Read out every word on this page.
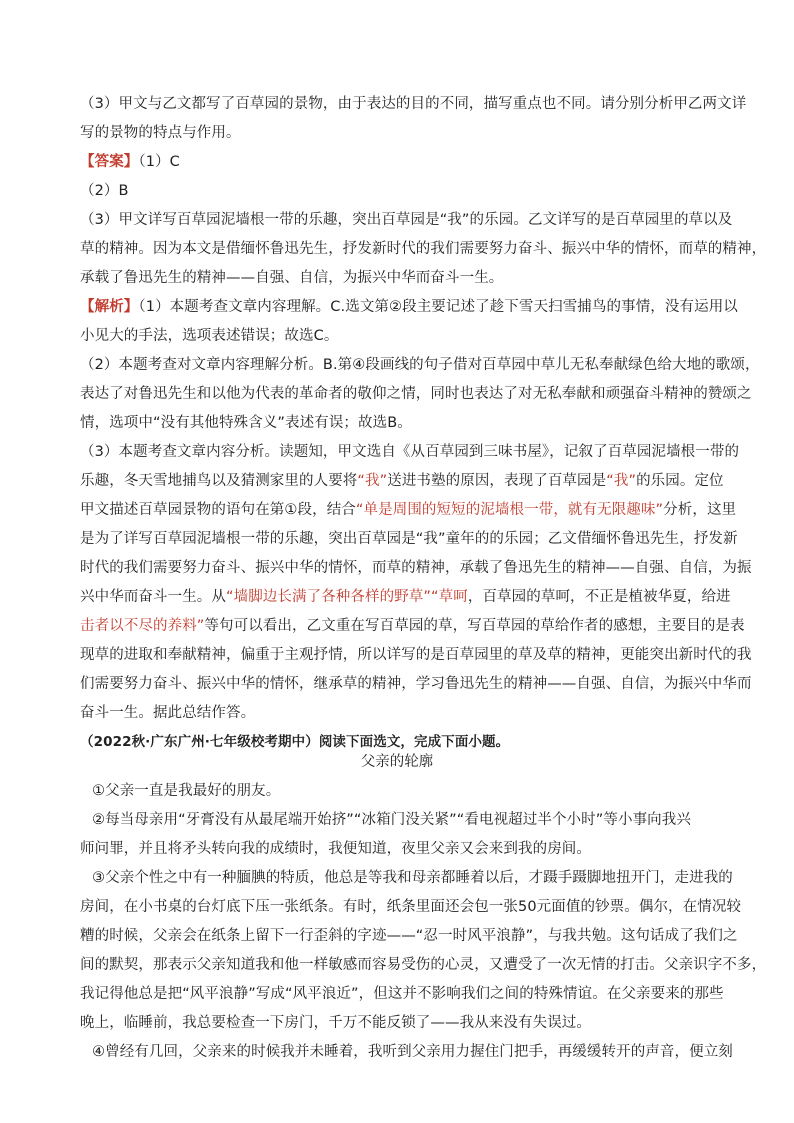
（3）甲文与乙文都写了百草园的景物，由于表达的目的不同，描写重点也不同。请分别分析甲乙两文详
写的景物的特点与作用。
【答案】（1）C
（2）B
（3）甲文详写百草园泥墙根一带的乐趣，突出百草园是“我”的乐园。乙文详写的是百草园里的草以及
草的精神。因为本文是借缅怀鲁迅先生，抒发新时代的我们需要努力奋斗、振兴中华的情怀，而草的精神，
承载了鲁迅先生的精神——自强、自信，为振兴中华而奋斗一生。
【解析】（1）本题考查文章内容理解。C.选文第②段主要记述了趁下雪天扫雪捕鸟的事情，没有运用以
小见大的手法，选项表述错误；故选C。
（2）本题考查对文章内容理解分析。B.第④段画线的句子借对百草园中草儿无私奉献绿色给大地的歌颂，
表达了对鲁迅先生和以他为代表的革命者的敬仰之情，同时也表达了对无私奉献和顽强奋斗精神的赞颂之
情，选项中“没有其他特殊含义”表述有误；故选B。
（3）本题考查文章内容分析。读题知，甲文选自《从百草园到三味书屋》，记叙了百草园泥墙根一带的
乐趣，冬天雪地捕鸟以及猜测家里的人要将“我”送进书塾的原因，表现了百草园是“我”的乐园。定位
甲文描述百草园景物的语句在第①段，结合“单是周围的短短的泥墙根一带，就有无限趣味”分析，这里
是为了详写百草园泥墙根一带的乐趣，突出百草园是“我”童年的的乐园；乙文借缅怀鲁迅先生，抒发新
时代的我们需要努力奋斗、振兴中华的情怀，而草的精神，承载了鲁迅先生的精神——自强、自信，为振
兴中华而奋斗一生。从“墙脚边长满了各种各样的野草”“草呵，百草园的草呵，不正是植被华夏，给进
击者以不尽的养料”等句可以看出，乙文重在写百草园的草，写百草园的草给作者的感想，主要目的是表
现草的进取和奉献精神，偏重于主观抒情，所以详写的是百草园里的草及草的精神，更能突出新时代的我
们需要努力奋斗、振兴中华的情怀，继承草的精神，学习鲁迅先生的精神——自强、自信，为振兴中华而
奋斗一生。据此总结作答。
（2022秋·广东广州·七年级校考期中）阅读下面选文，完成下面小题。
父亲的轮廓
①父亲一直是我最好的朋友。
②每当母亲用“牙膏没有从最尾端开始挤”“冰箱门没关紧”“看电视超过半个小时”等小事向我兴
师问罪，并且将矛头转向我的成绩时，我便知道，夜里父亲又会来到我的房间。
③父亲个性之中有一种腼腆的特质，他总是等我和母亲都睡着以后，才蹑手蹑脚地扭开门，走进我的
房间，在小书桌的台灯底下压一张纸条。有时，纸条里面还会包一张50元面值的钞票。偶尔，在情况较
糟的时候，父亲会在纸条上留下一行歪斜的字迹——“忍一时风平浪静”，与我共勉。这句话成了我们之
间的默契，那表示父亲知道我和他一样敏感而容易受伤的心灵，又遭受了一次无情的打击。父亲识字不多，
我记得他总是把“风平浪静”写成“风平浪近”，但这并不影响我们之间的特殊情谊。在父亲要来的那些
晚上，临睡前，我总要检查一下房门，千万不能反锁了——我从来没有失误过。
④曾经有几回，父亲来的时候我并未睡着，我听到父亲用力握住门把手，再缓缓转开的声音，便立刻
